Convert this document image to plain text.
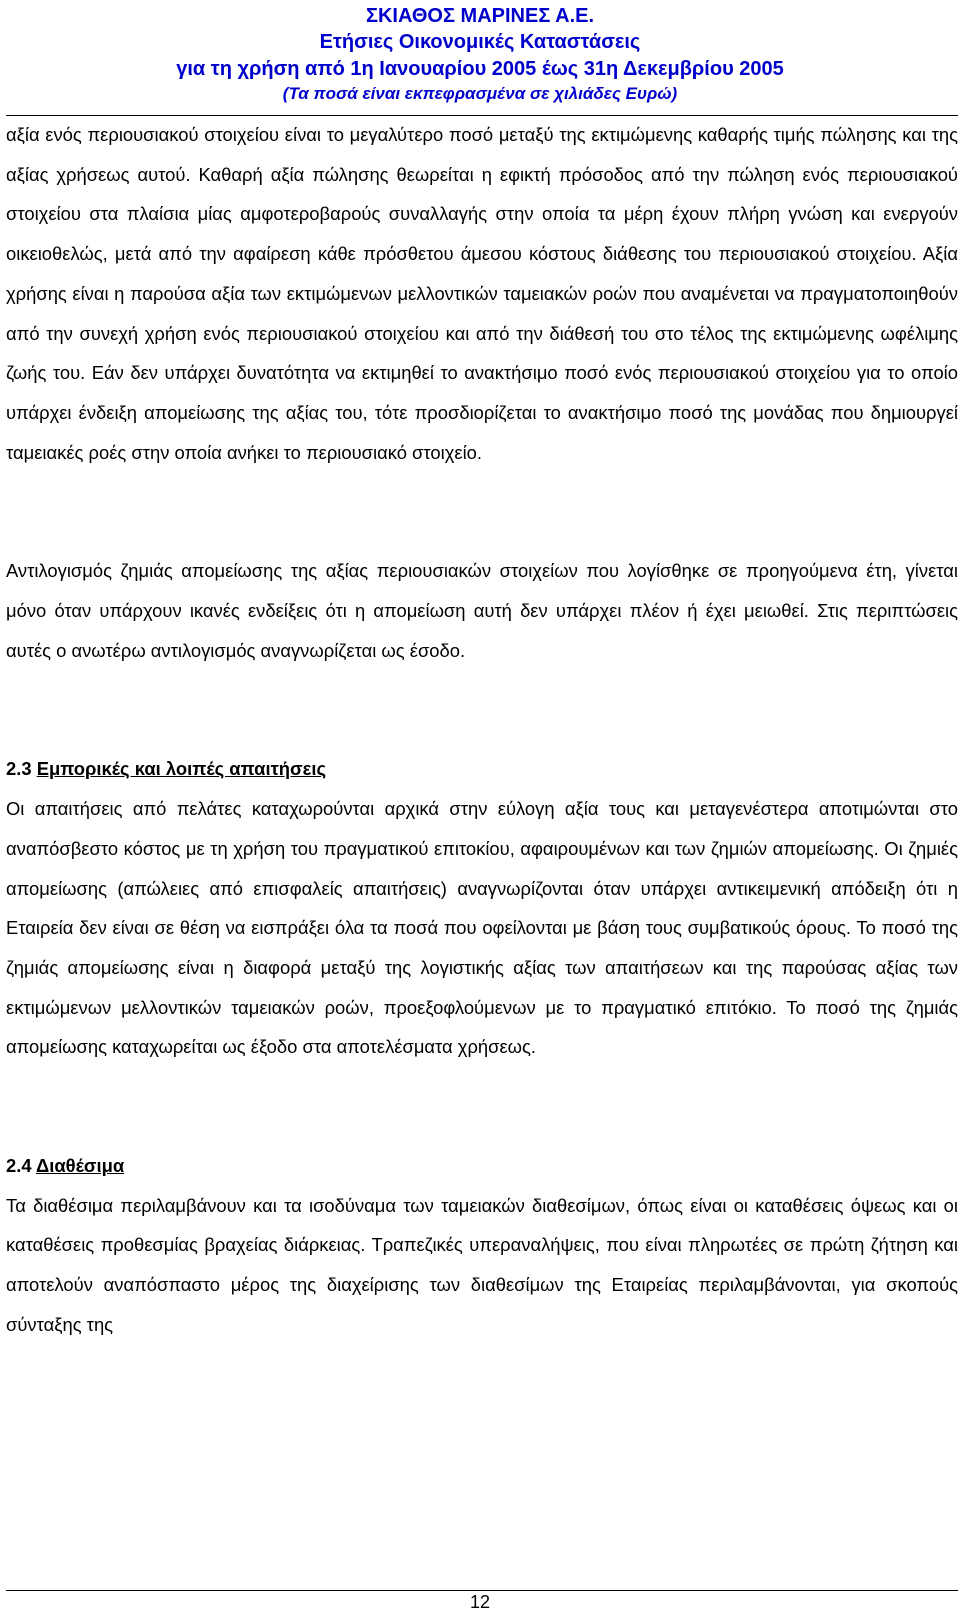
ΣΚΙΑΘΟΣ ΜΑΡΙΝΕΣ Α.Ε.
Ετήσιες Οικονομικές Καταστάσεις
για τη χρήση από 1η Ιανουαρίου 2005 έως 31η Δεκεμβρίου 2005
(Τα ποσά είναι εκπεφρασμένα σε χιλιάδες Ευρώ)

αξία ενός περιουσιακού στοιχείου είναι το μεγαλύτερο ποσό μεταξύ της εκτιμώμενης καθαρής τιμής πώλησης και της αξίας χρήσεως αυτού. Καθαρή αξία πώλησης θεωρείται η εφικτή πρόσοδος από την πώληση ενός περιουσιακού στοιχείου στα πλαίσια μίας αμφοτεροβαρούς συναλλαγής στην οποία τα μέρη έχουν πλήρη γνώση και ενεργούν οικειοθελώς, μετά από την αφαίρεση κάθε πρόσθετου άμεσου κόστους διάθεσης του περιουσιακού στοιχείου. Αξία χρήσης είναι η παρούσα αξία των εκτιμώμενων μελλοντικών ταμειακών ροών που αναμένεται να πραγματοποιηθούν από την συνεχή χρήση ενός περιουσιακού στοιχείου και από την διάθεσή του στο τέλος της εκτιμώμενης ωφέλιμης ζωής του. Εάν δεν υπάρχει δυνατότητα να εκτιμηθεί το ανακτήσιμο ποσό ενός περιουσιακού στοιχείου για το οποίο υπάρχει ένδειξη απομείωσης της αξίας του, τότε προσδιορίζεται το ανακτήσιμο ποσό της μονάδας που δημιουργεί ταμειακές ροές στην οποία ανήκει το περιουσιακό στοιχείο.

Αντιλογισμός ζημιάς απομείωσης της αξίας περιουσιακών στοιχείων που λογίσθηκε σε προηγούμενα έτη, γίνεται μόνο όταν υπάρχουν ικανές ενδείξεις ότι η απομείωση αυτή δεν υπάρχει πλέον ή έχει μειωθεί. Στις περιπτώσεις αυτές ο ανωτέρω αντιλογισμός αναγνωρίζεται ως έσοδο.

2.3 Εμπορικές και λοιπές απαιτήσεις

Οι απαιτήσεις από πελάτες καταχωρούνται αρχικά στην εύλογη αξία τους και μεταγενέστερα αποτιμώνται στο αναπόσβεστο κόστος με τη χρήση του πραγματικού επιτοκίου, αφαιρουμένων και των ζημιών απομείωσης. Οι ζημιές απομείωσης (απώλειες από επισφαλείς απαιτήσεις) αναγνωρίζονται όταν υπάρχει αντικειμενική απόδειξη ότι η Εταιρεία δεν είναι σε θέση να εισπράξει όλα τα ποσά που οφείλονται με βάση τους συμβατικούς όρους. Το ποσό της ζημιάς απομείωσης είναι η διαφορά μεταξύ της λογιστικής αξίας των απαιτήσεων και της παρούσας αξίας των εκτιμώμενων μελλοντικών ταμειακών ροών, προεξοφλούμενων με το πραγματικό επιτόκιο. Το ποσό της ζημιάς απομείωσης καταχωρείται ως έξοδο στα αποτελέσματα χρήσεως.

2.4 Διαθέσιμα

Τα διαθέσιμα περιλαμβάνουν και τα ισοδύναμα των ταμειακών διαθεσίμων, όπως είναι οι καταθέσεις όψεως και οι καταθέσεις προθεσμίας βραχείας διάρκειας. Τραπεζικές υπεραναλήψεις, που είναι πληρωτέες σε πρώτη ζήτηση και αποτελούν αναπόσπαστο μέρος της διαχείρισης των διαθεσίμων της Εταιρείας περιλαμβάνονται, για σκοπούς σύνταξης της

12
